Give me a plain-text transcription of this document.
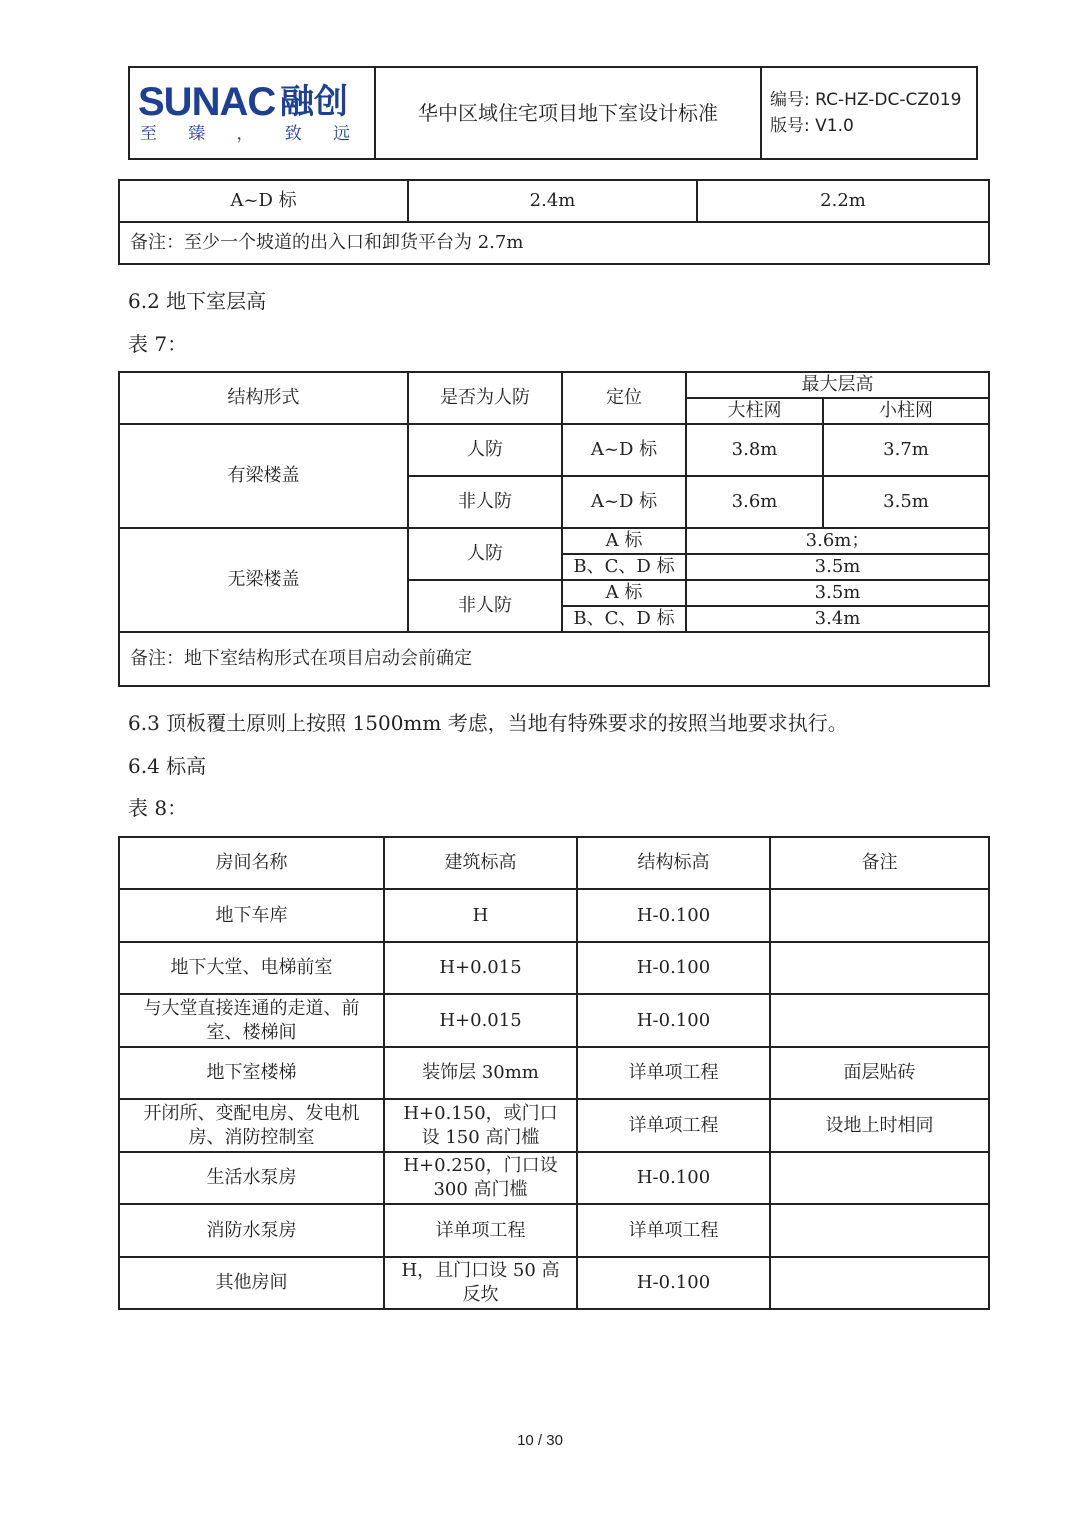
SUNAC 融创
至 臻 ， 致 远
	华中区域住宅项目地下室设计标准	
编号: RC-HZ-DC-CZ019
版号: V1.0
A~D 标	2.4m	2.2m
备注：至少一个坡道的出入口和卸货平台为 2.7m
6.2 地下室层高
表 7：
结构形式	是否为人防	定位	最大层高	
			大柱网	小柱网
有梁楼盖	人防	A~D 标	3.8m	3.7m
	非人防	A~D 标	3.6m	3.5m
无梁楼盖	人防	A 标	3.6m；	
		B、C、D 标	3.5m	
	非人防	A 标	3.5m	
		B、C、D 标	3.4m	
备注：地下室结构形式在项目启动会前确定				
6.3 顶板覆土原则上按照 1500mm 考虑，当地有特殊要求的按照当地要求执行。
6.4 标高
表 8：
房间名称	建筑标高	结构标高	备注
地下车库	H	H-0.100	
地下大堂、电梯前室	H+0.015	H-0.100	
与大堂直接连通的走道、前室、楼梯间	H+0.015	H-0.100	
地下室楼梯	装饰层 30mm	详单项工程	面层贴砖
开闭所、变配电房、发电机房、消防控制室	H+0.150，或门口设 150 高门槛	详单项工程	设地上时相同
生活水泵房	H+0.250，门口设 300 高门槛	H-0.100	
消防水泵房	详单项工程	详单项工程	
其他房间	H，且门口设 50 高反坎	H-0.100	
10 / 30
